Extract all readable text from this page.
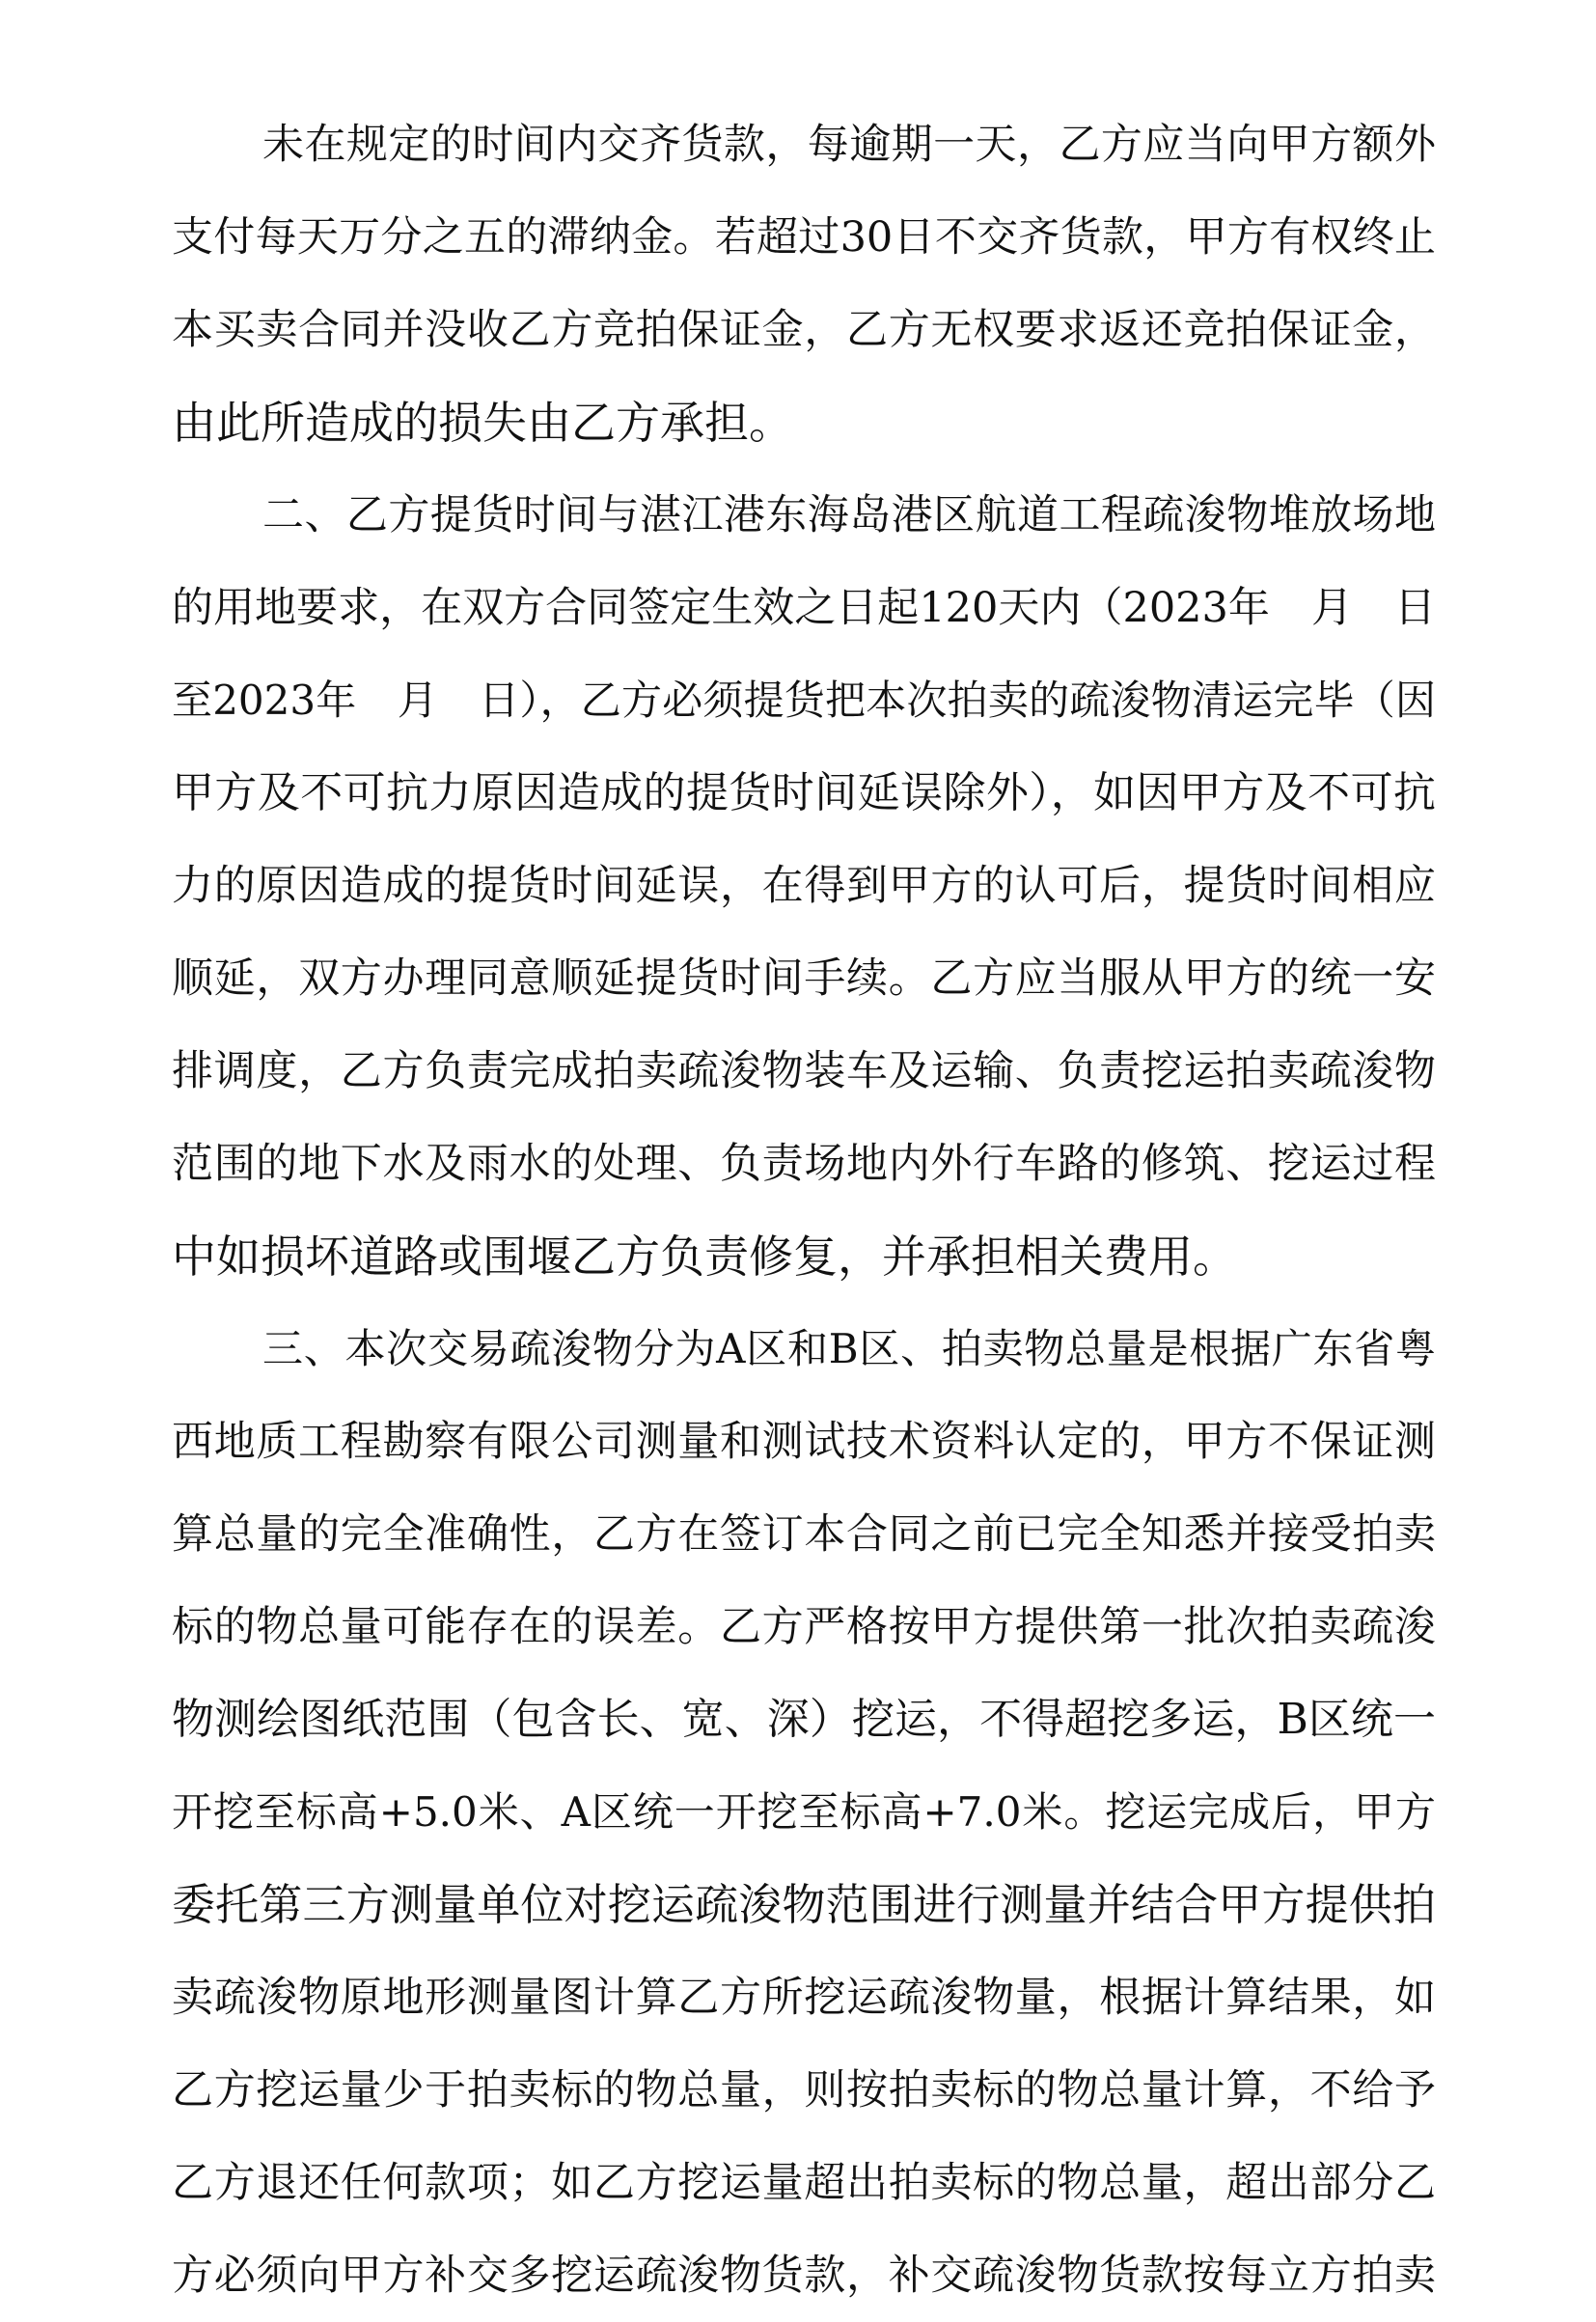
未在规定的时间内交齐货款，每逾期一天，乙方应当向甲方额外
支付每天万分之五的滞纳金。若超过30日不交齐货款，甲方有权终止
本买卖合同并没收乙方竞拍保证金，乙方无权要求返还竞拍保证金，
由此所造成的损失由乙方承担。
二、乙方提货时间与湛江港东海岛港区航道工程疏浚物堆放场地
的用地要求，在双方合同签定生效之日起120天内（2023年　月　日
至2023年　月　日），乙方必须提货把本次拍卖的疏浚物清运完毕（因
甲方及不可抗力原因造成的提货时间延误除外），如因甲方及不可抗
力的原因造成的提货时间延误，在得到甲方的认可后，提货时间相应
顺延，双方办理同意顺延提货时间手续。乙方应当服从甲方的统一安
排调度，乙方负责完成拍卖疏浚物装车及运输、负责挖运拍卖疏浚物
范围的地下水及雨水的处理、负责场地内外行车路的修筑、挖运过程
中如损坏道路或围堰乙方负责修复，并承担相关费用。
三、本次交易疏浚物分为A区和B区、拍卖物总量是根据广东省粤
西地质工程勘察有限公司测量和测试技术资料认定的，甲方不保证测
算总量的完全准确性，乙方在签订本合同之前已完全知悉并接受拍卖
标的物总量可能存在的误差。乙方严格按甲方提供第一批次拍卖疏浚
物测绘图纸范围（包含长、宽、深）挖运，不得超挖多运，B区统一
开挖至标高+5.0米、A区统一开挖至标高+7.0米。挖运完成后，甲方
委托第三方测量单位对挖运疏浚物范围进行测量并结合甲方提供拍
卖疏浚物原地形测量图计算乙方所挖运疏浚物量，根据计算结果，如
乙方挖运量少于拍卖标的物总量，则按拍卖标的物总量计算，不给予
乙方退还任何款项；如乙方挖运量超出拍卖标的物总量，超出部分乙
方必须向甲方补交多挖运疏浚物货款，补交疏浚物货款按每立方拍卖
